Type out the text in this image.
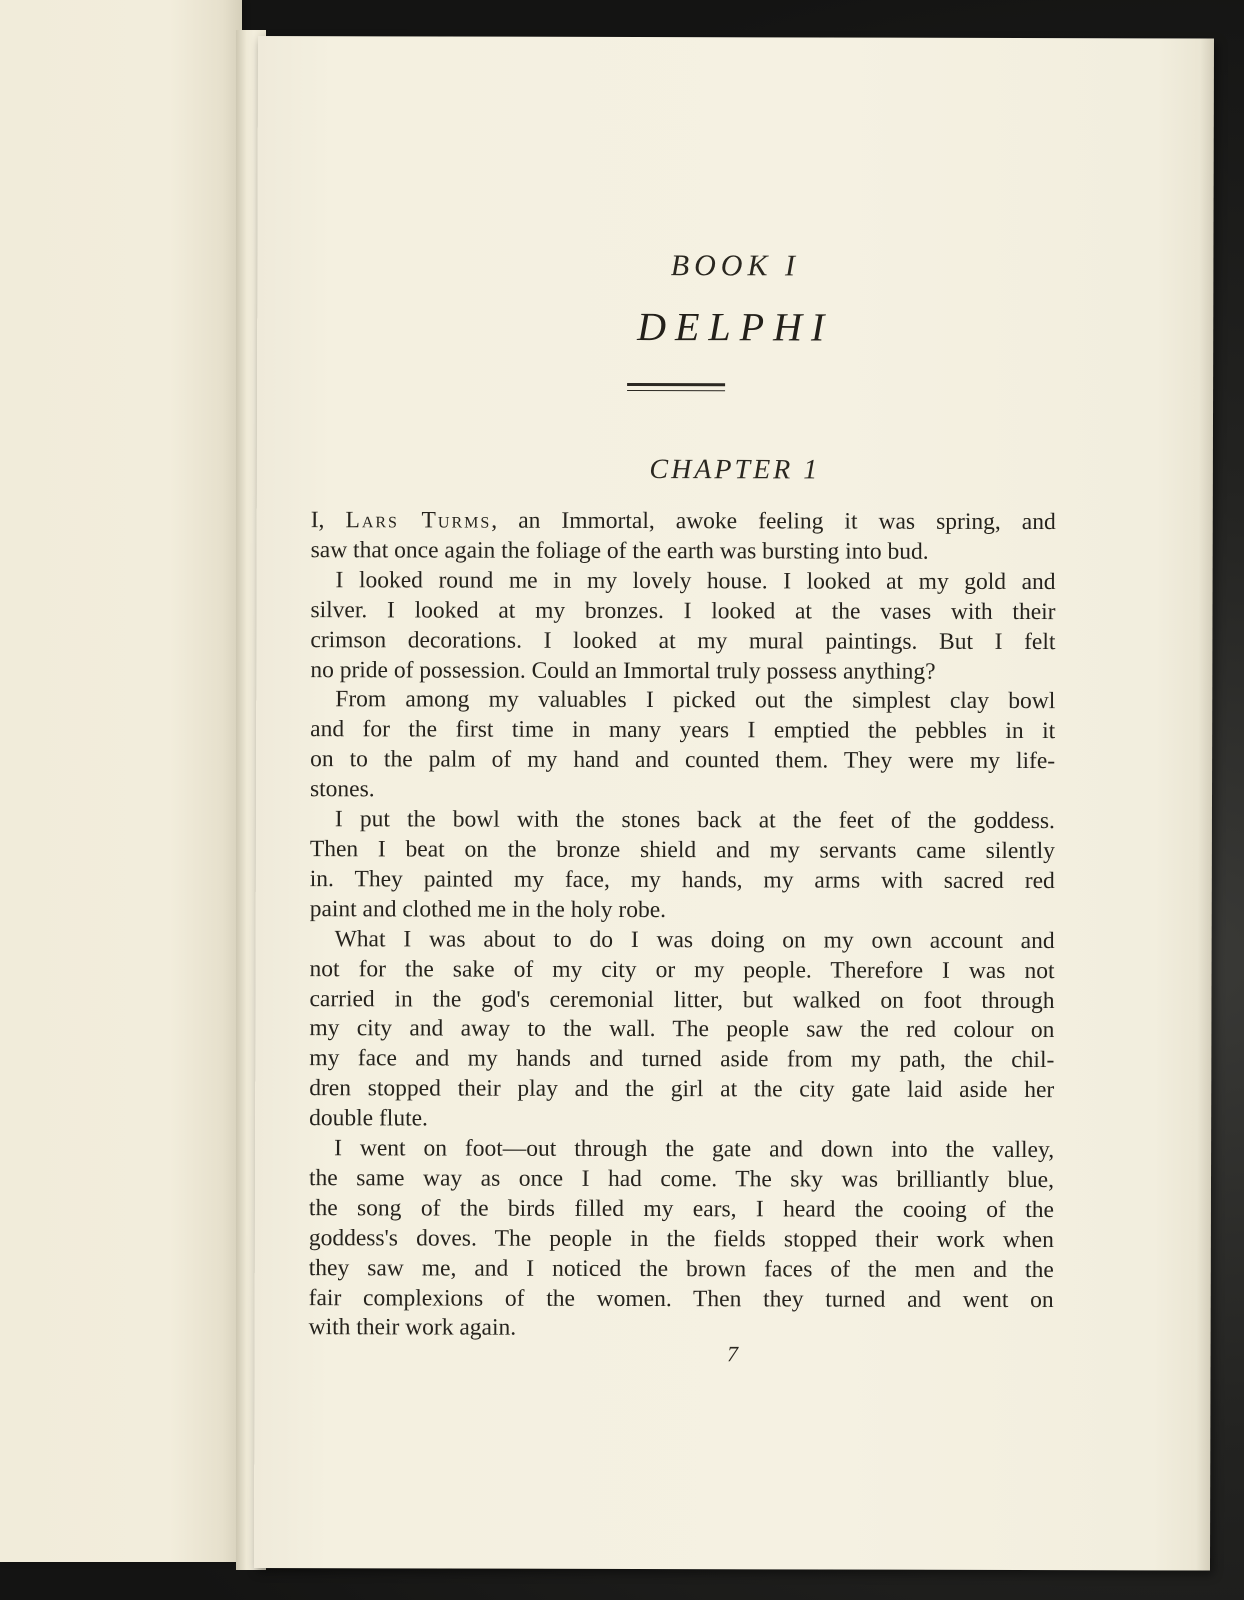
BOOK I
DELPHI
CHAPTER 1
I, Lars Turms, an Immortal, awoke feeling it was spring, and
saw that once again the foliage of the earth was bursting into bud.
I looked round me in my lovely house. I looked at my gold and
silver. I looked at my bronzes. I looked at the vases with their
crimson decorations. I looked at my mural paintings. But I felt
no pride of possession. Could an Immortal truly possess anything?
From among my valuables I picked out the simplest clay bowl
and for the first time in many years I emptied the pebbles in it
on to the palm of my hand and counted them. They were my life-
stones.
I put the bowl with the stones back at the feet of the goddess.
Then I beat on the bronze shield and my servants came silently
in. They painted my face, my hands, my arms with sacred red
paint and clothed me in the holy robe.
What I was about to do I was doing on my own account and
not for the sake of my city or my people. Therefore I was not
carried in the god's ceremonial litter, but walked on foot through
my city and away to the wall. The people saw the red colour on
my face and my hands and turned aside from my path, the chil-
dren stopped their play and the girl at the city gate laid aside her
double flute.
I went on foot—out through the gate and down into the valley,
the same way as once I had come. The sky was brilliantly blue,
the song of the birds filled my ears, I heard the cooing of the
goddess's doves. The people in the fields stopped their work when
they saw me, and I noticed the brown faces of the men and the
fair complexions of the women. Then they turned and went on
with their work again.
7
